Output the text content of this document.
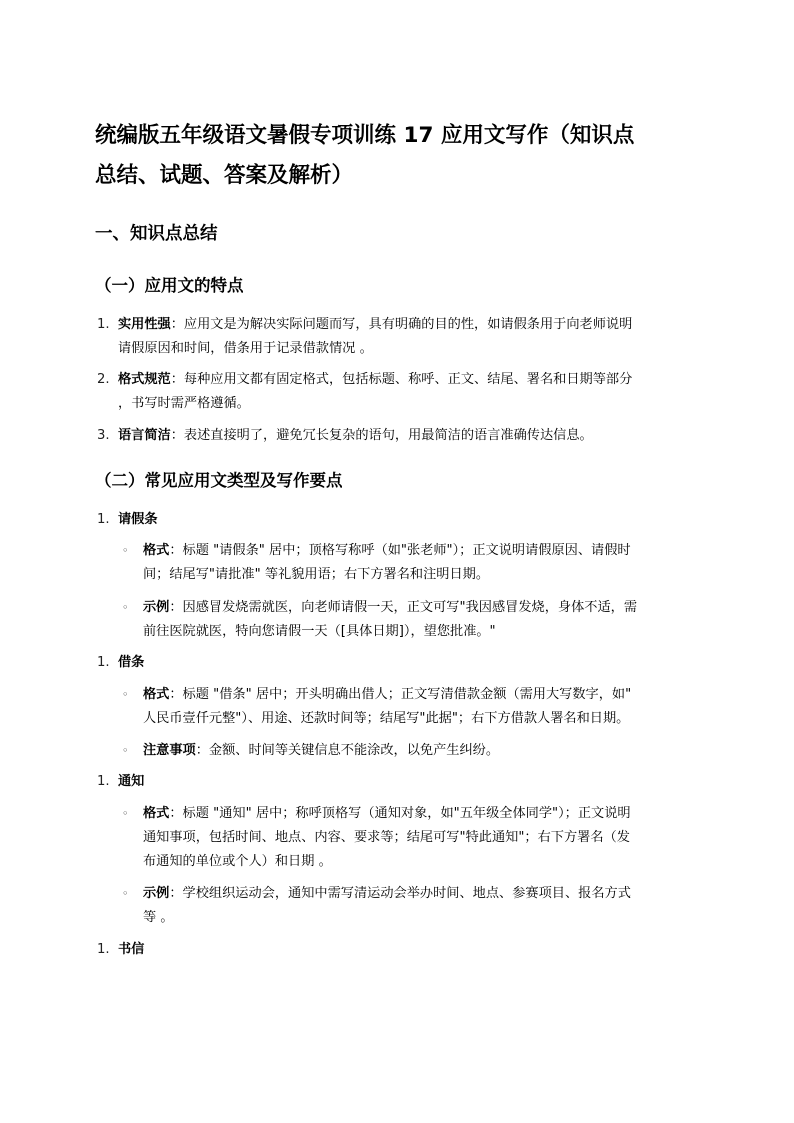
统编版五年级语文暑假专项训练 17 应用文写作（知识点
总结、试题、答案及解析）
一、知识点总结
（一）应用文的特点
1. 实用性强：应用文是为解决实际问题而写，具有明确的目的性，如请假条用于向老师说明
请假原因和时间，借条用于记录借款情况 。
2. 格式规范：每种应用文都有固定格式，包括标题、称呼、正文、结尾、署名和日期等部分
，书写时需严格遵循。
3. 语言简洁：表述直接明了，避免冗长复杂的语句，用最简洁的语言准确传达信息。
（二）常见应用文类型及写作要点
1. 请假条
◦ 格式：标题 "请假条" 居中；顶格写称呼（如"张老师"）；正文说明请假原因、请假时
间；结尾写"请批准" 等礼貌用语；右下方署名和注明日期。
◦ 示例：因感冒发烧需就医，向老师请假一天，正文可写"我因感冒发烧，身体不适，需
前往医院就医，特向您请假一天（[具体日期]），望您批准。"
1. 借条
◦ 格式：标题 "借条" 居中；开头明确出借人；正文写清借款金额（需用大写数字，如"
人民币壹仟元整"）、用途、还款时间等；结尾写"此据"；右下方借款人署名和日期。
◦ 注意事项：金额、时间等关键信息不能涂改，以免产生纠纷。
1. 通知
◦ 格式：标题 "通知" 居中；称呼顶格写（通知对象，如"五年级全体同学"）；正文说明
通知事项，包括时间、地点、内容、要求等；结尾可写"特此通知"；右下方署名（发
布通知的单位或个人）和日期 。
◦ 示例：学校组织运动会，通知中需写清运动会举办时间、地点、参赛项目、报名方式
等 。
1. 书信
